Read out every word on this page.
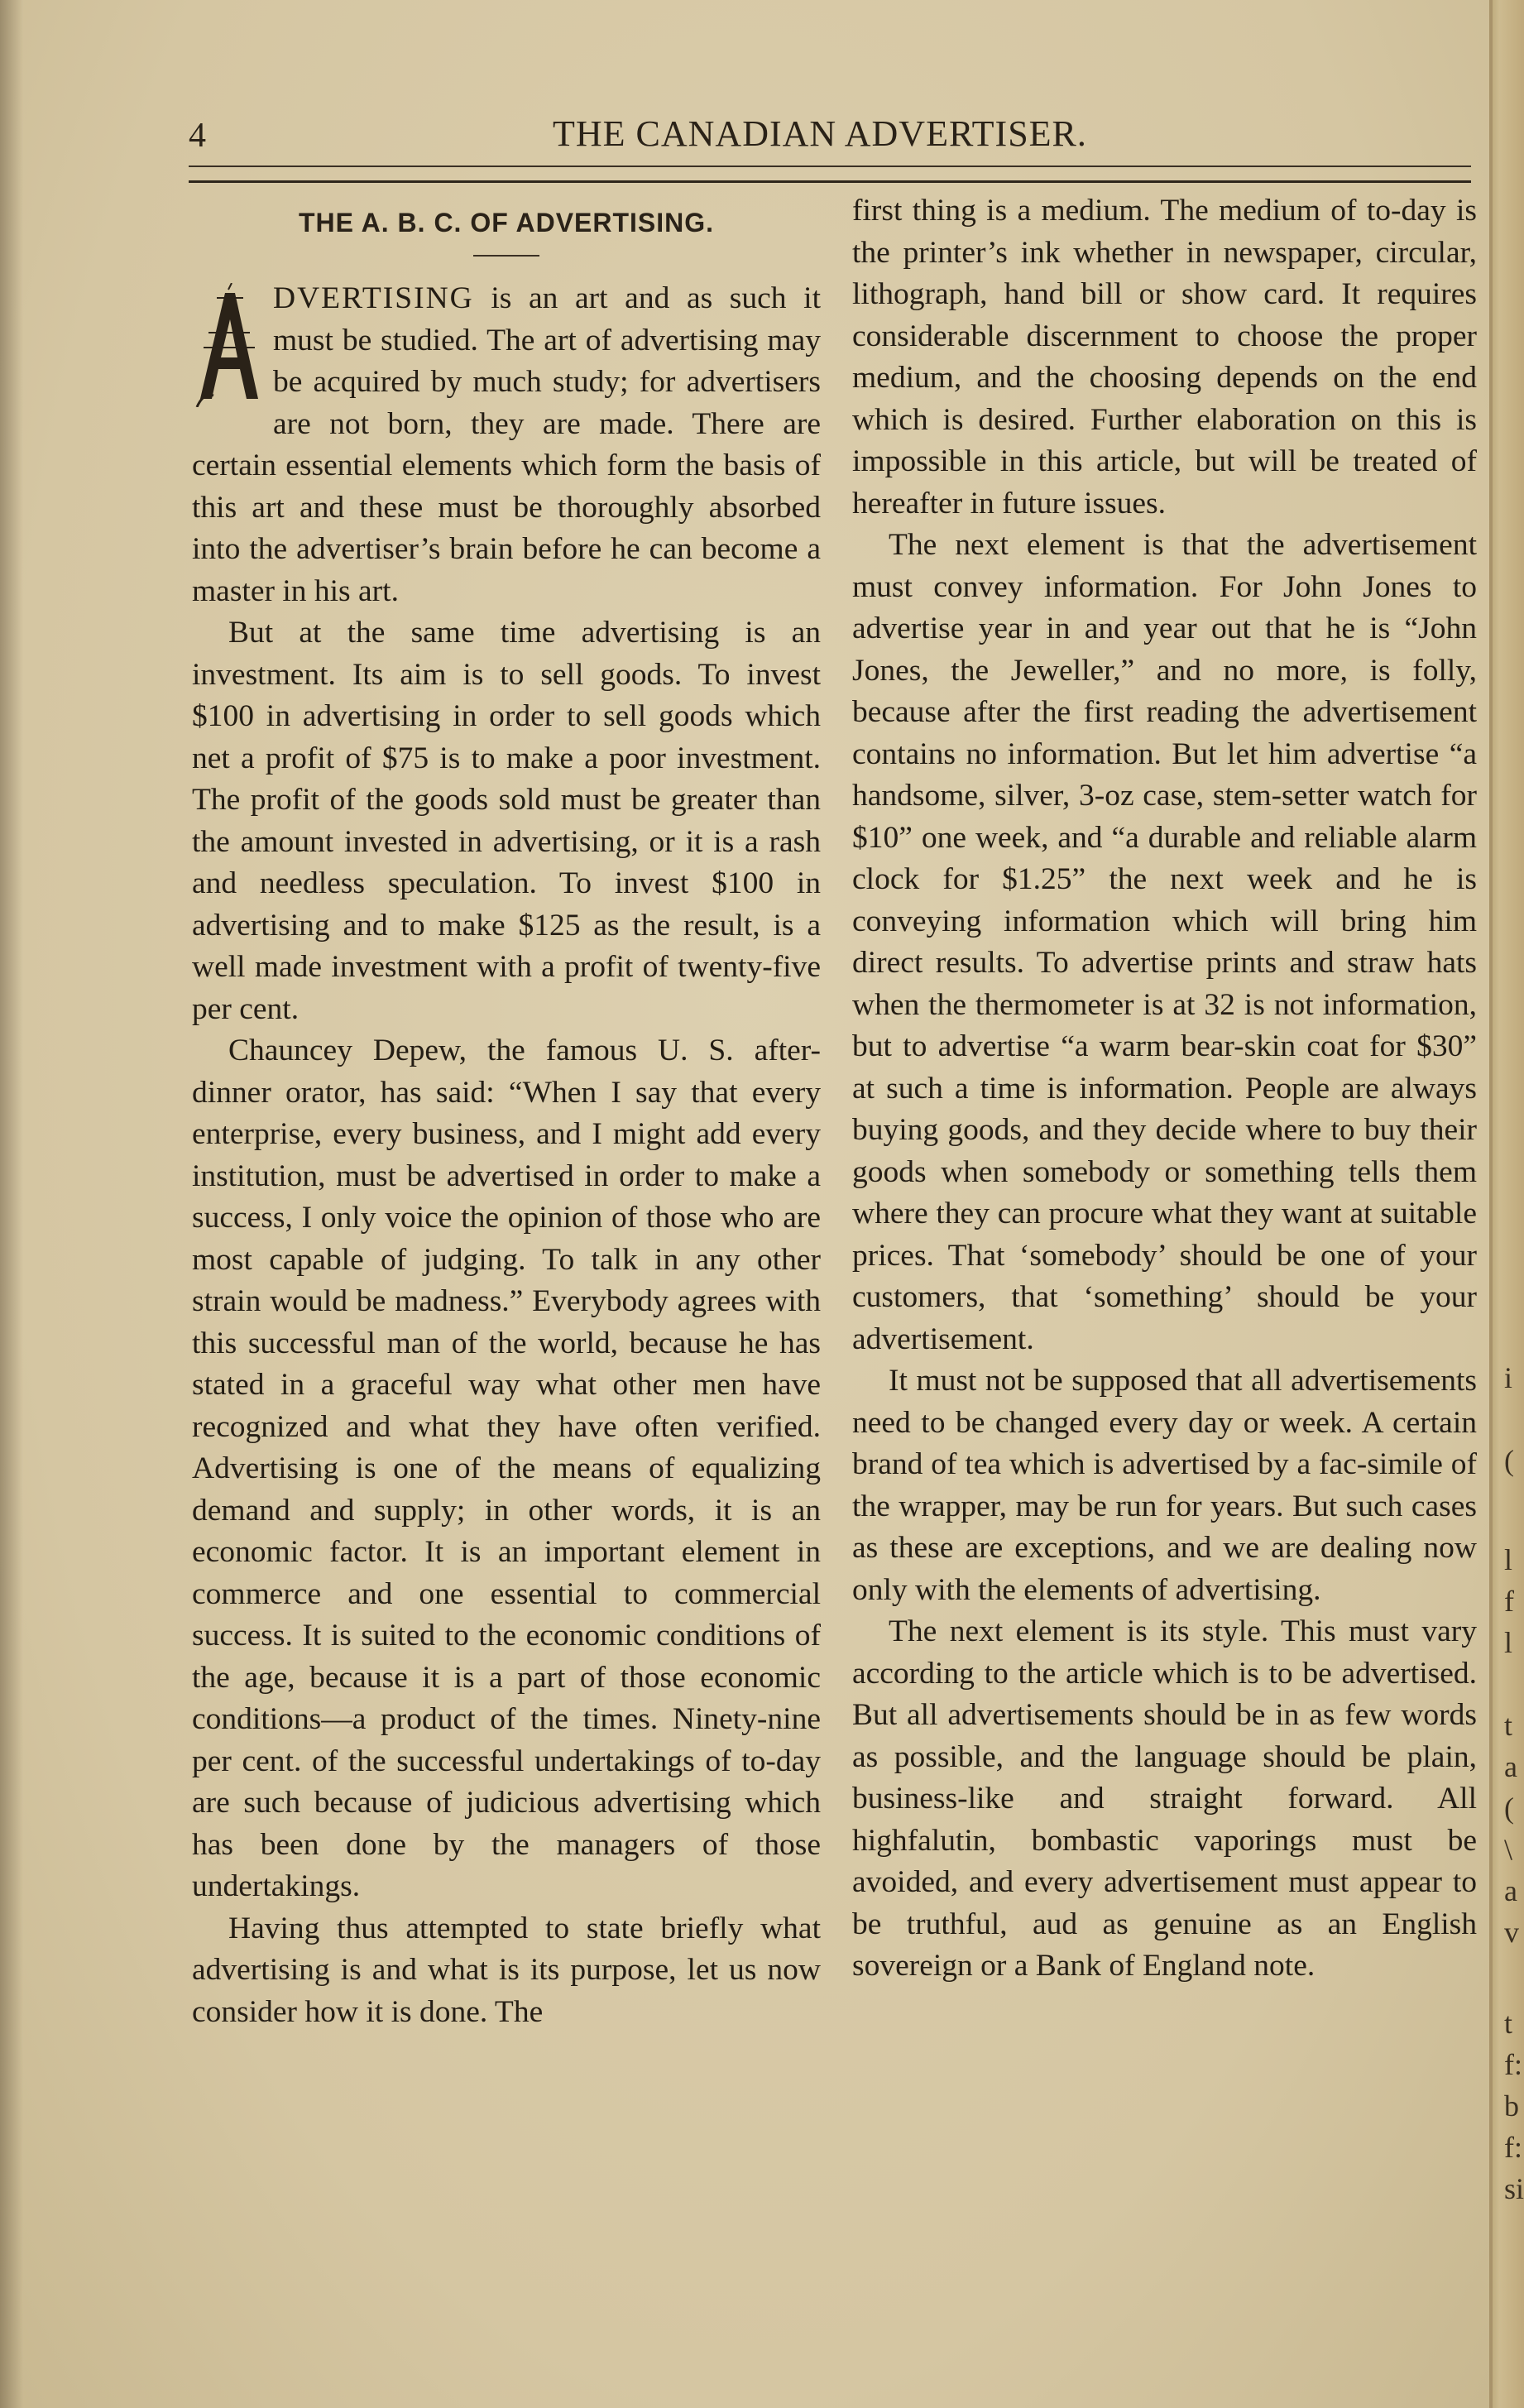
4	THE CANADIAN ADVERTISER.
THE A. B. C. OF ADVERTISING.

DVERTISING is an art and as such it must be studied. The art of advertising may be acquired by much study; for advertisers are not born, they are made. There are certain essential elements which form the basis of this art and these must be thoroughly absorbed into the advertiser’s brain before he can become a master in his art.

But at the same time advertising is an investment. Its aim is to sell goods. To invest $100 in advertising in order to sell goods which net a profit of $75 is to make a poor investment. The profit of the goods sold must be greater than the amount invested in advertising, or it is a rash and needless speculation. To invest $100 in advertising and to make $125 as the result, is a well made investment with a profit of twenty-five per cent.

Chauncey Depew, the famous U. S. after-dinner orator, has said: “When I say that every enterprise, every business, and I might add every institution, must be advertised in order to make a success, I only voice the opinion of those who are most capable of judging. To talk in any other strain would be madness.” Everybody agrees with this successful man of the world, because he has stated in a graceful way what other men have recognized and what they have often verified. Advertising is one of the means of equalizing demand and supply; in other words, it is an economic factor. It is an important element in commerce and one essential to commercial success. It is suited to the economic conditions of the age, because it is a part of those economic conditions—a product of the times. Ninety-nine per cent. of the successful undertakings of to-day are such because of judicious advertising which has been done by the managers of those undertakings.

Having thus attempted to state briefly what advertising is and what is its purpose, let us now consider how it is done. The

first thing is a medium. The medium of to-day is the printer’s ink whether in newspaper, circular, lithograph, hand bill or show card. It requires considerable discernment to choose the proper medium, and the choosing depends on the end which is desired. Further elaboration on this is impossible in this article, but will be treated of hereafter in future issues.

The next element is that the advertisement must convey information. For John Jones to advertise year in and year out that he is “John Jones, the Jeweller,” and no more, is folly, because after the first reading the advertisement contains no information. But let him advertise “a handsome, silver, 3-oz case, stem-setter watch for $10” one week, and “a durable and reliable alarm clock for $1.25” the next week and he is conveying information which will bring him direct results. To advertise prints and straw hats when the thermometer is at 32 is not information, but to advertise “a warm bear-skin coat for $30” at such a time is information. People are always buying goods, and they decide where to buy their goods when somebody or something tells them where they can procure what they want at suitable prices. That ‘somebody’ should be one of your customers, that ‘something’ should be your advertisement.

It must not be supposed that all advertisements need to be changed every day or week. A certain brand of tea which is advertised by a fac-simile of the wrapper, may be run for years. But such cases as these are exceptions, and we are dealing now only with the elements of advertising.

The next element is its style. This must vary according to the article which is to be advertised. But all advertisements should be in as few words as possible, and the language should be plain, business-like and straight forward. All highfalutin, bombastic vaporings must be avoided, and every advertisement must appear to be truthful, aud as genuine as an English sovereign or a Bank of England note.

i
(
l
f
l
t
a
(
\
a
v
t
f:
b
f:
si
